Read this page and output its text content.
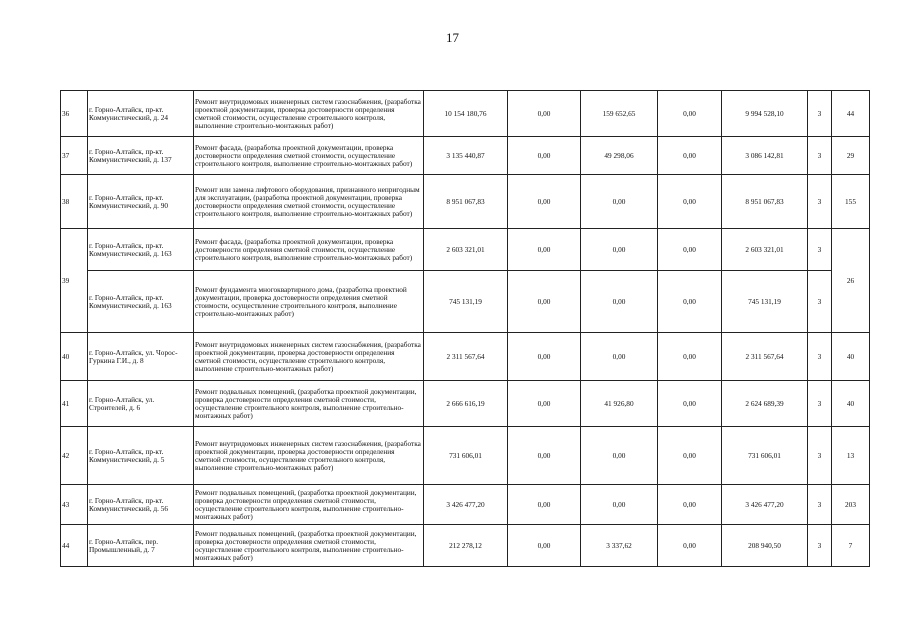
17
36	г. Горно-Алтайск, пр-кт. Коммунистический, д. 24	Ремонт внутридомовых инженерных систем газоснабжения, (разработка проектной документации, проверка достоверности определения сметной стоимости, осуществление строительного контроля, выполнение строительно-монтажных работ)	10 154 180,76	0,00	159 652,65	0,00	9 994 528,10	3	44
37	г. Горно-Алтайск, пр-кт. Коммунистический, д. 137	Ремонт фасада, (разработка проектной документации, проверка достоверности определения сметной стоимости, осуществление строительного контроля, выполнение строительно-монтажных работ)	3 135 440,87	0,00	49 298,06	0,00	3 086 142,81	3	29
38	г. Горно-Алтайск, пр-кт. Коммунистический, д. 90	Ремонт или замена лифтового оборудования, признанного непригодным для эксплуатации, (разработка проектной документации, проверка достоверности определения сметной стоимости, осуществление строительного контроля, выполнение строительно-монтажных работ)	8 951 067,83	0,00	0,00	0,00	8 951 067,83	3	155
39	г. Горно-Алтайск, пр-кт. Коммунистический, д. 163	Ремонт фасада, (разработка проектной документации, проверка достоверности определения сметной стоимости, осуществление строительного контроля, выполнение строительно-монтажных работ)	2 603 321,01	0,00	0,00	0,00	2 603 321,01	3	26
	г. Горно-Алтайск, пр-кт. Коммунистический, д. 163	Ремонт фундамента многоквартирного дома, (разработка проектной документации, проверка достоверности определения сметной стоимости, осуществление строительного контроля, выполнение строительно-монтажных работ)	745 131,19	0,00	0,00	0,00	745 131,19	3	
40	г. Горно-Алтайск, ул. Чорос-Гуркина Г.И., д. 8	Ремонт внутридомовых инженерных систем газоснабжения, (разработка проектной документации, проверка достоверности определения сметной стоимости, осуществление строительного контроля, выполнение строительно-монтажных работ)	2 311 567,64	0,00	0,00	0,00	2 311 567,64	3	40
41	г. Горно-Алтайск, ул. Строителей, д. 6	Ремонт подвальных помещений, (разработка проектной документации, проверка достоверности определения сметной стоимости, осуществление строительного контроля, выполнение строительно-монтажных работ)	2 666 616,19	0,00	41 926,80	0,00	2 624 689,39	3	40
42	г. Горно-Алтайск, пр-кт. Коммунистический, д. 5	Ремонт внутридомовых инженерных систем газоснабжения, (разработка проектной документации, проверка достоверности определения сметной стоимости, осуществление строительного контроля, выполнение строительно-монтажных работ)	731 606,01	0,00	0,00	0,00	731 606,01	3	13
43	г. Горно-Алтайск, пр-кт. Коммунистический, д. 56	Ремонт подвальных помещений, (разработка проектной документации, проверка достоверности определения сметной стоимости, осуществление строительного контроля, выполнение строительно-монтажных работ)	3 426 477,20	0,00	0,00	0,00	3 426 477,20	3	203
44	г. Горно-Алтайск, пер. Промышленный, д. 7	Ремонт подвальных помещений, (разработка проектной документации, проверка достоверности определения сметной стоимости, осуществление строительного контроля, выполнение строительно-монтажных работ)	212 278,12	0,00	3 337,62	0,00	208 940,50	3	7
